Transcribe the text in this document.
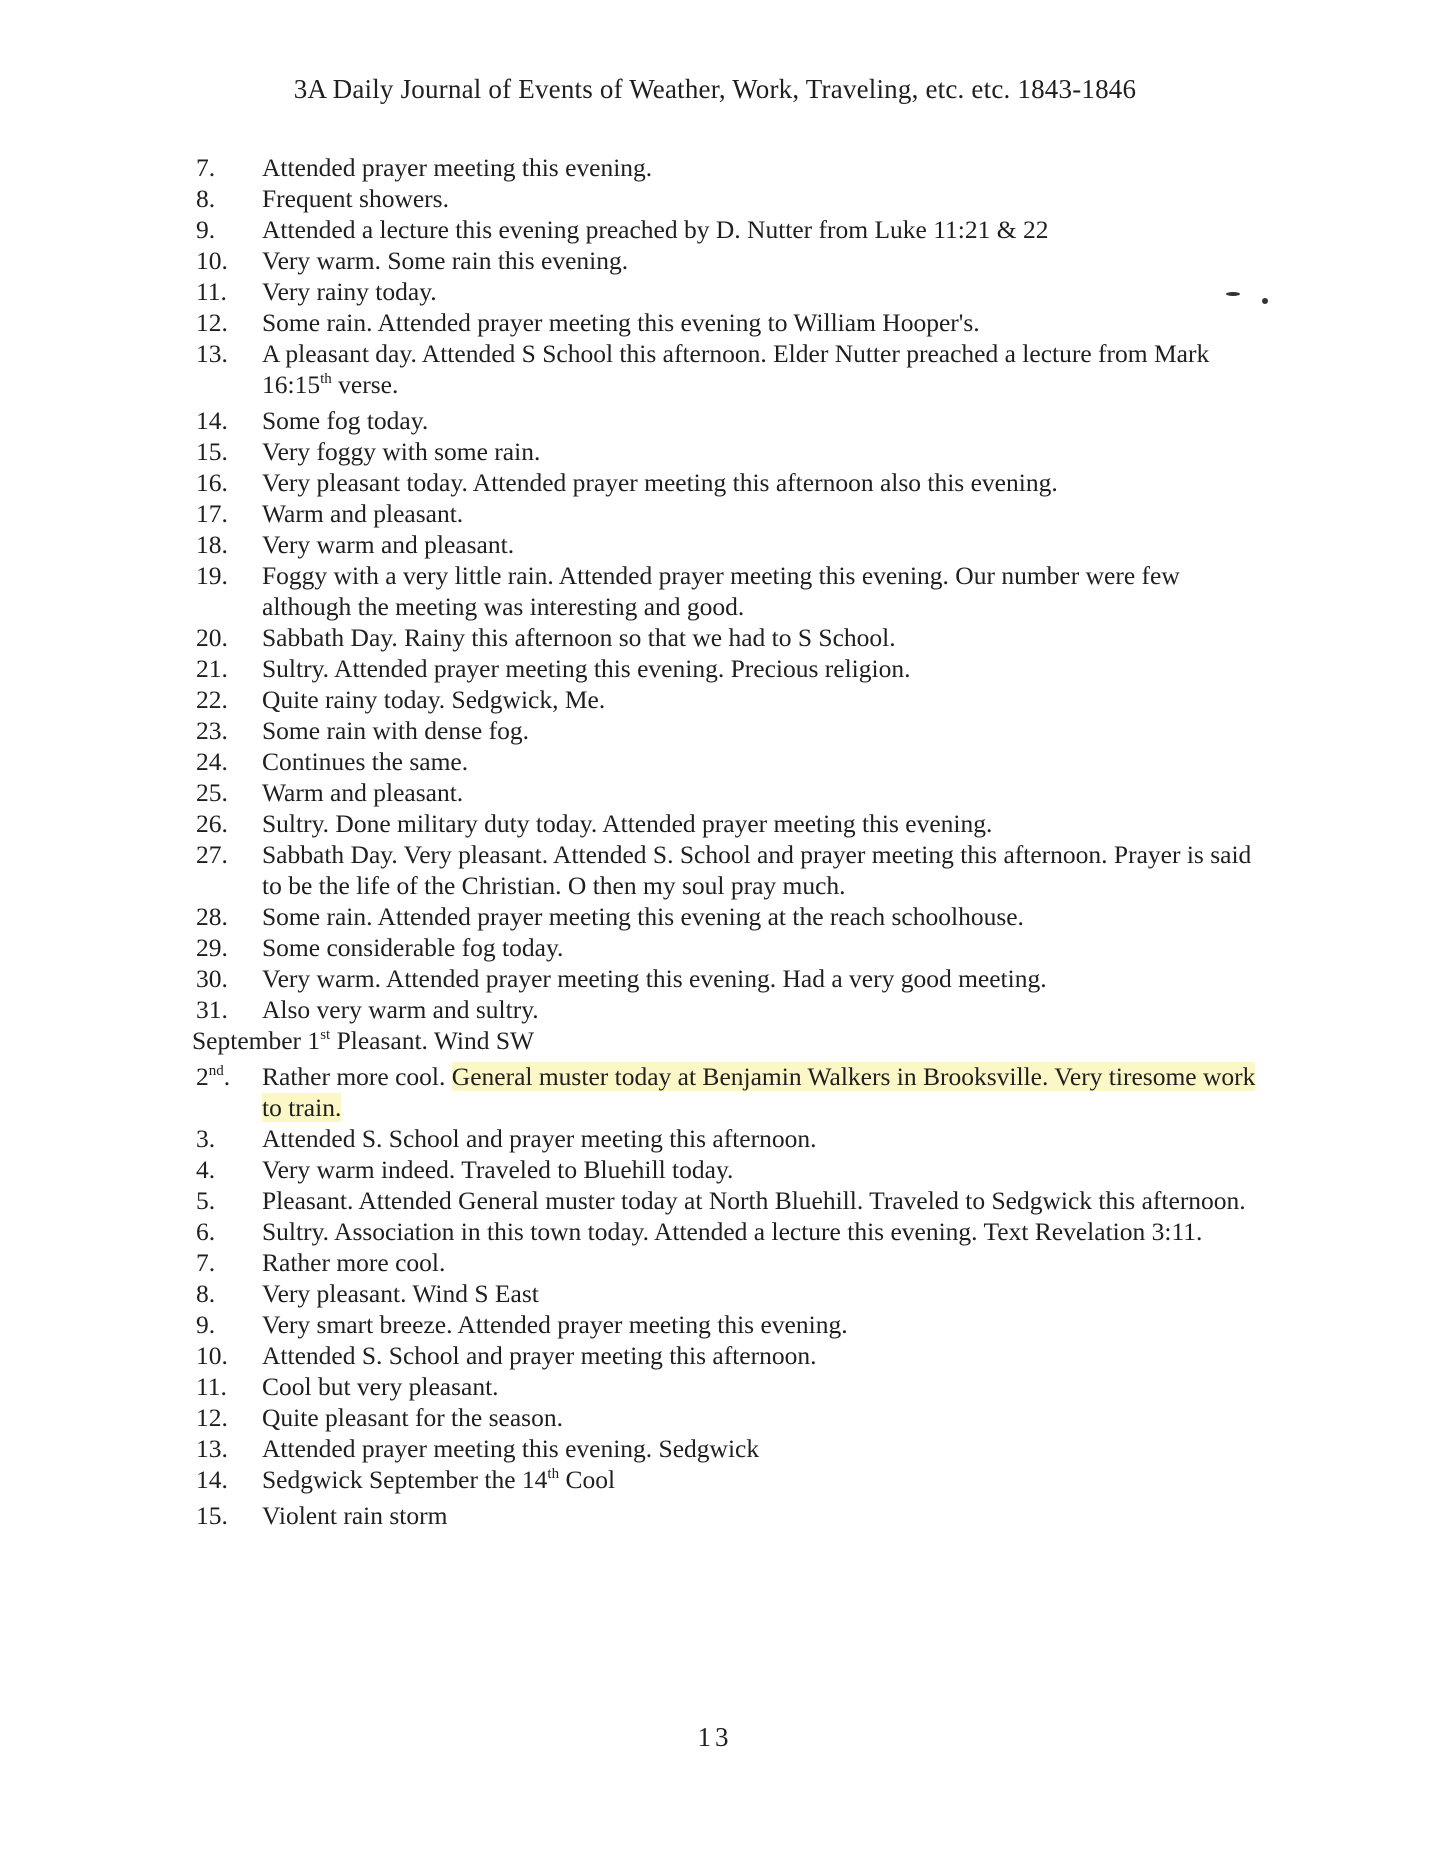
3A Daily Journal of Events of Weather, Work, Traveling, etc. etc. 1843-1846
7.	Attended prayer meeting this evening.
8.	Frequent showers.
9.	Attended a lecture this evening preached by D. Nutter from Luke 11:21 & 22
10.	Very warm. Some rain this evening.
11.	Very rainy today.
12.	Some rain. Attended prayer meeting this evening to William Hooper's.
13.	A pleasant day. Attended S School this afternoon. Elder Nutter preached a lecture from Mark 16:15th verse.
14.	Some fog today.
15.	Very foggy with some rain.
16.	Very pleasant today. Attended prayer meeting this afternoon also this evening.
17.	Warm and pleasant.
18.	Very warm and pleasant.
19.	Foggy with a very little rain. Attended prayer meeting this evening. Our number were few although the meeting was interesting and good.
20.	Sabbath Day. Rainy this afternoon so that we had to S School.
21.	Sultry. Attended prayer meeting this evening. Precious religion.
22.	Quite rainy today. Sedgwick, Me.
23.	Some rain with dense fog.
24.	Continues the same.
25.	Warm and pleasant.
26.	Sultry. Done military duty today. Attended prayer meeting this evening.
27.	Sabbath Day. Very pleasant. Attended S. School and prayer meeting this afternoon. Prayer is said to be the life of the Christian. O then my soul pray much.
28.	Some rain. Attended prayer meeting this evening at the reach schoolhouse.
29.	Some considerable fog today.
30.	Very warm. Attended prayer meeting this evening. Had a very good meeting.
31.	Also very warm and sultry.
September 1st Pleasant. Wind SW
2nd.	Rather more cool. General muster today at Benjamin Walkers in Brooksville. Very tiresome work to train.
3.	Attended S. School and prayer meeting this afternoon.
4.	Very warm indeed. Traveled to Bluehill today.
5.	Pleasant. Attended General muster today at North Bluehill. Traveled to Sedgwick this afternoon.
6.	Sultry. Association in this town today. Attended a lecture this evening. Text Revelation 3:11.
7.	Rather more cool.
8.	Very pleasant. Wind S East
9.	Very smart breeze. Attended prayer meeting this evening.
10.	Attended S. School and prayer meeting this afternoon.
11.	Cool but very pleasant.
12.	Quite pleasant for the season.
13.	Attended prayer meeting this evening. Sedgwick
14.	Sedgwick September the 14th Cool
15.	Violent rain storm
13
